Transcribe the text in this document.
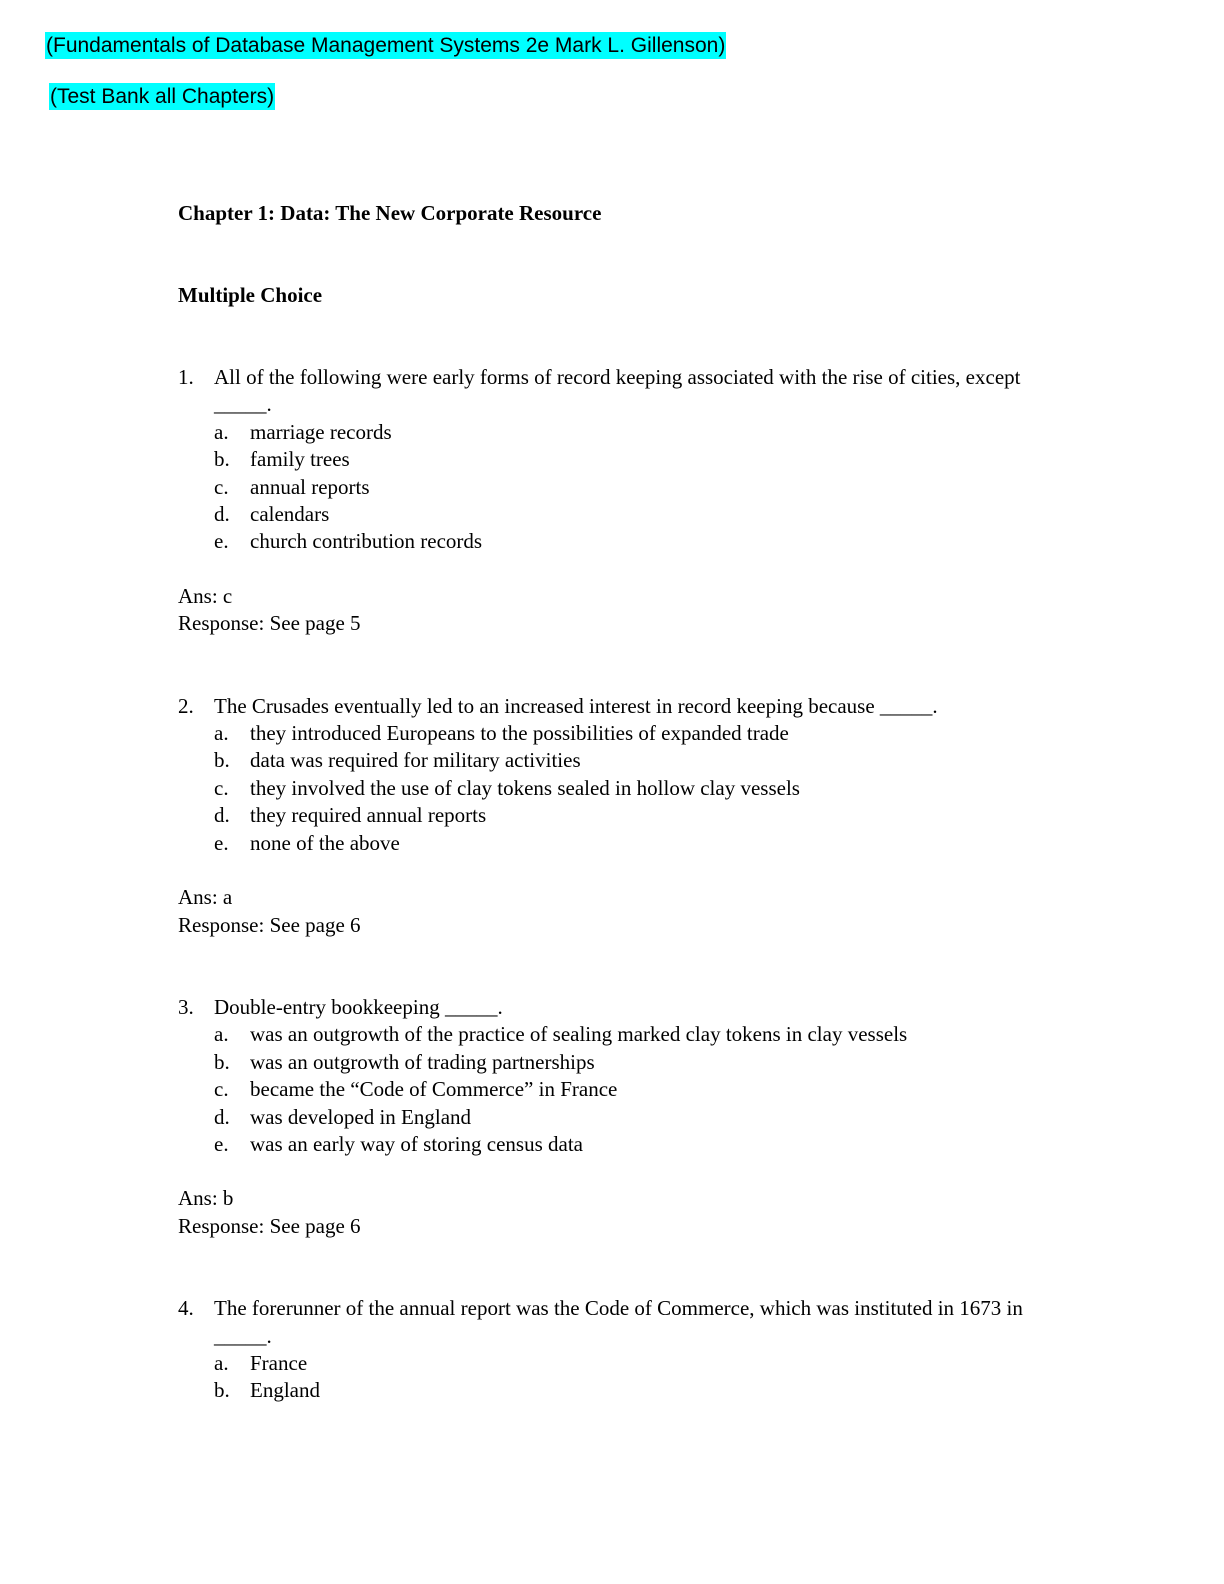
(Fundamentals of Database Management Systems 2e Mark L. Gillenson)
(Test Bank all Chapters)
Chapter 1: Data: The New Corporate Resource
Multiple Choice
1. All of the following were early forms of record keeping associated with the rise of cities, except _____.
a.	marriage records
b. family trees
c.	annual reports
d. calendars
e.	church contribution records
Ans: c
Response: See page 5
2. The Crusades eventually led to an increased interest in record keeping because _____.
a.	they introduced Europeans to the possibilities of expanded trade
b. data was required for military activities
c.	they involved the use of clay tokens sealed in hollow clay vessels
d. they required annual reports
e.	none of the above
Ans: a
Response: See page 6
3. Double-entry bookkeeping _____.
a.	was an outgrowth of the practice of sealing marked clay tokens in clay vessels
b. was an outgrowth of trading partnerships
c.	became the “Code of Commerce” in France
d. was developed in England
e.	was an early way of storing census data
Ans: b
Response: See page 6
4. The forerunner of the annual report was the Code of Commerce, which was instituted in 1673 in _____.
a.	France
b. England
